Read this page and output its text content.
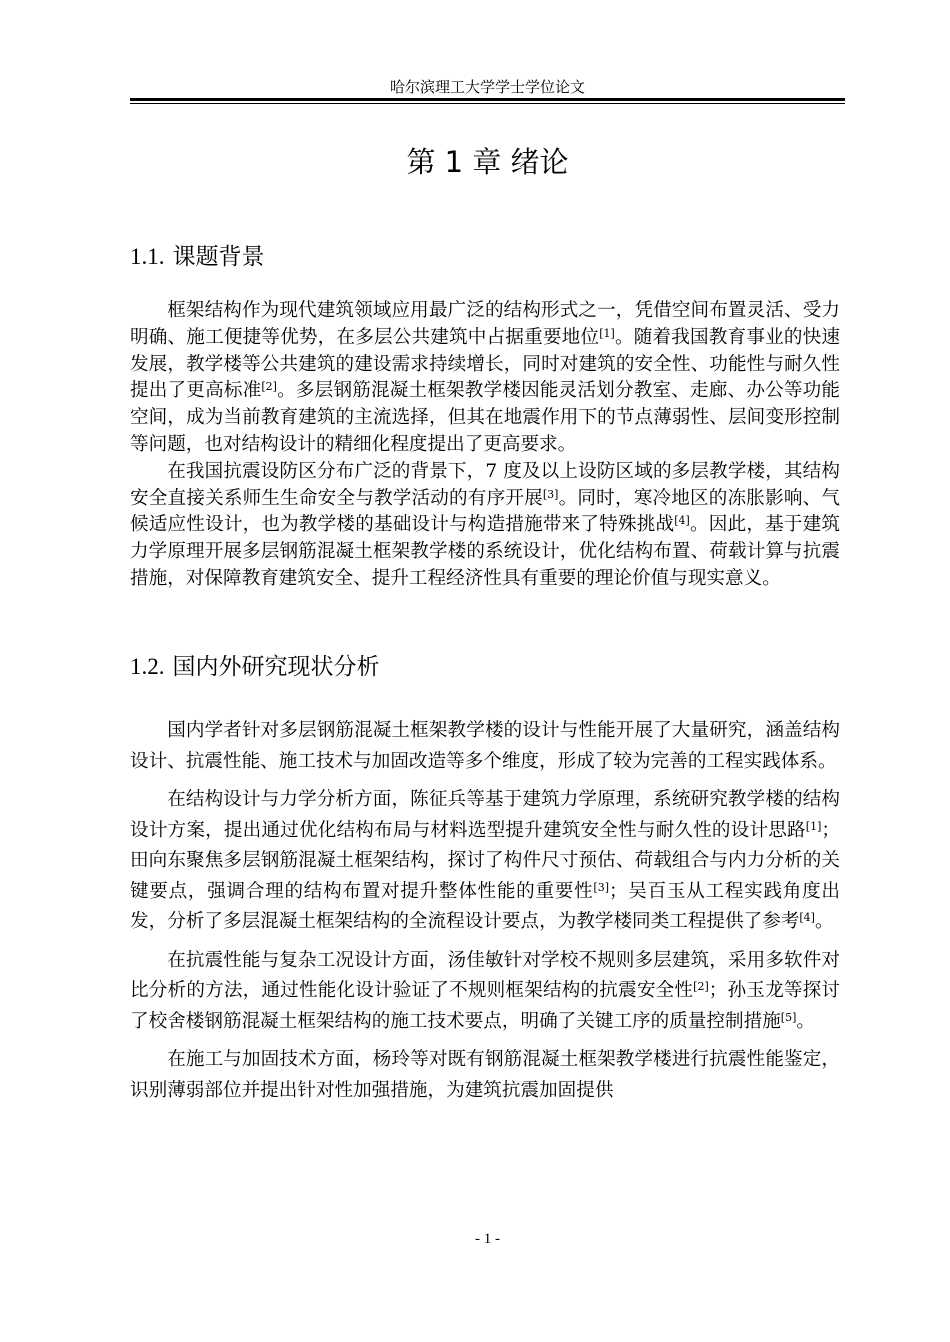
哈尔滨理工大学学士学位论文
第 1 章 绪论
1.1. 课题背景

框架结构作为现代建筑领域应用最广泛的结构形式之一，凭借空间布置灵活、受力明确、施工便捷等优势，在多层公共建筑中占据重要地位[1]。随着我国教育事业的快速发展，教学楼等公共建筑的建设需求持续增长，同时对建筑的安全性、功能性与耐久性提出了更高标准[2]。多层钢筋混凝土框架教学楼因能灵活划分教室、走廊、办公等功能空间，成为当前教育建筑的主流选择，但其在地震作用下的节点薄弱性、层间变形控制等问题，也对结构设计的精细化程度提出了更高要求。

在我国抗震设防区分布广泛的背景下，7 度及以上设防区域的多层教学楼，其结构安全直接关系师生生命安全与教学活动的有序开展[3]。同时，寒冷地区的冻胀影响、气候适应性设计，也为教学楼的基础设计与构造措施带来了特殊挑战[4]。因此，基于建筑力学原理开展多层钢筋混凝土框架教学楼的系统设计，优化结构布置、荷载计算与抗震措施，对保障教育建筑安全、提升工程经济性具有重要的理论价值与现实意义。

1.2. 国内外研究现状分析

国内学者针对多层钢筋混凝土框架教学楼的设计与性能开展了大量研究，涵盖结构设计、抗震性能、施工技术与加固改造等多个维度，形成了较为完善的工程实践体系。

在结构设计与力学分析方面，陈征兵等基于建筑力学原理，系统研究教学楼的结构设计方案，提出通过优化结构布局与材料选型提升建筑安全性与耐久性的设计思路[1]；田向东聚焦多层钢筋混凝土框架结构，探讨了构件尺寸预估、荷载组合与内力分析的关键要点，强调合理的结构布置对提升整体性能的重要性[3]；吴百玉从工程实践角度出发，分析了多层混凝土框架结构的全流程设计要点，为教学楼同类工程提供了参考[4]。

在抗震性能与复杂工况设计方面，汤佳敏针对学校不规则多层建筑，采用多软件对比分析的方法，通过性能化设计验证了不规则框架结构的抗震安全性[2]；孙玉龙等探讨了校舍楼钢筋混凝土框架结构的施工技术要点，明确了关键工序的质量控制措施[5]。

在施工与加固技术方面，杨玲等对既有钢筋混凝土框架教学楼进行抗震性能鉴定，识别薄弱部位并提出针对性加强措施，为建筑抗震加固提供

- 1 -
